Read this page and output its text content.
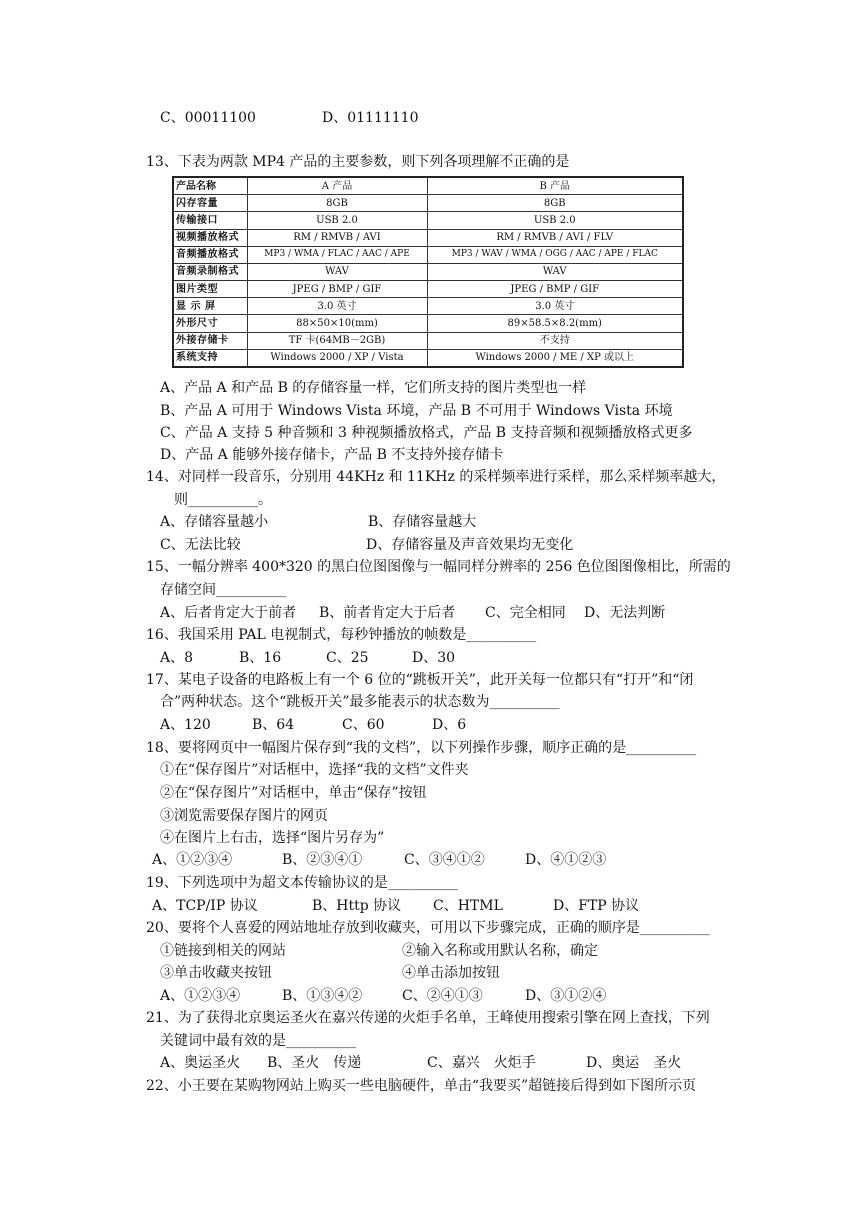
C、00011100	D、01111110
13、下表为两款 MP4 产品的主要参数，则下列各项理解不正确的是
产品名称	A 产品	B 产品
闪存容量	8GB	8GB
传输接口	USB 2.0	USB 2.0
视频播放格式	RM / RMVB / AVI	RM / RMVB / AVI / FLV
音频播放格式	MP3 / WMA / FLAC / AAC / APE	MP3 / WAV / WMA / OGG / AAC / APE / FLAC
音频录制格式	WAV	WAV
图片类型	JPEG / BMP / GIF	JPEG / BMP / GIF
显 示 屏	3.0 英寸	3.0 英寸
外形尺寸	88×50×10(mm)	89×58.5×8.2(mm)
外接存储卡	TF 卡(64MB－2GB)	不支持
系统支持	Windows 2000 / XP / Vista	Windows 2000 / ME / XP 或以上
A、产品 A 和产品 B 的存储容量一样，它们所支持的图片类型也一样
B、产品 A 可用于 Windows Vista 环境，产品 B 不可用于 Windows Vista 环境
C、产品 A 支持 5 种音频和 3 种视频播放格式，产品 B 支持音频和视频播放格式更多
D、产品 A 能够外接存储卡，产品 B 不支持外接存储卡
14、对同样一段音乐，分别用 44KHz 和 11KHz 的采样频率进行采样，那么采样频率越大，
则__________。
A、存储容量越小	B、存储容量越大
C、无法比较	D、存储容量及声音效果均无变化
15、一幅分辨率 400*320 的黑白位图图像与一幅同样分辨率的 256 色位图图像相比，所需的
存储空间__________
A、后者肯定大于前者 B、前者肯定大于后者 C、完全相同 D、无法判断
16、我国采用 PAL 电视制式，每秒钟播放的帧数是__________
A、8	B、16	C、25	D、30
17、某电子设备的电路板上有一个 6 位的“跳板开关”，此开关每一位都只有“打开”和“闭
合”两种状态。这个“跳板开关”最多能表示的状态数为__________
A、120	B、64	C、60	D、6
18、要将网页中一幅图片保存到“我的文档”，以下列操作步骤，顺序正确的是__________
①在“保存图片”对话框中，选择“我的文档”文件夹
②在“保存图片”对话框中，单击“保存”按钮
③浏览需要保存图片的网页
④在图片上右击，选择“图片另存为”
A、①②③④	B、②③④①	C、③④①②	D、④①②③
19、下列选项中为超文本传输协议的是__________
A、TCP/IP 协议	B、Http 协议 C、HTML	D、FTP 协议
20、要将个人喜爱的网站地址存放到收藏夹，可用以下步骤完成，正确的顺序是__________
①链接到相关的网站	②输入名称或用默认名称，确定
③单击收藏夹按钮	④单击添加按钮
A、①②③④	B、①③④②	C、②④①③	D、③①②④
21、为了获得北京奥运圣火在嘉兴传递的火炬手名单，王峰使用搜索引擎在网上查找，下列
关键词中最有效的是__________
A、奥运圣火 B、圣火　传递	C、嘉兴　火炬手	D、奥运　圣火
22、小王要在某购物网站上购买一些电脑硬件，单击“我要买”超链接后得到如下图所示页
